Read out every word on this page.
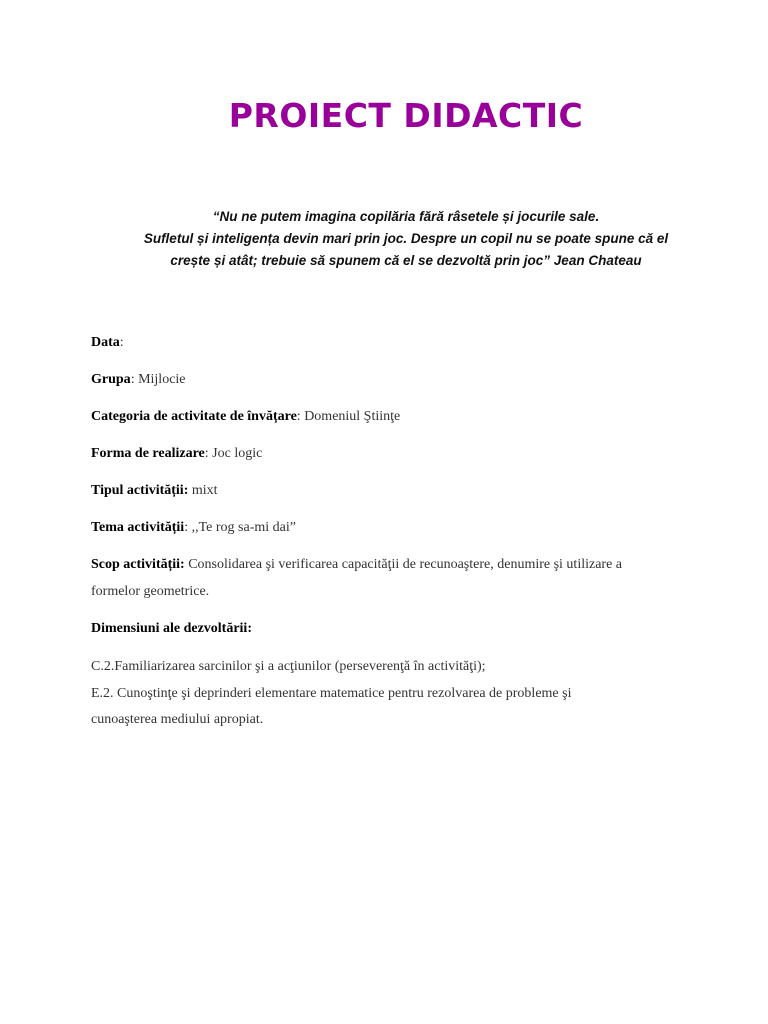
PROIECT DIDACTIC

“Nu ne putem imagina copilăria fără râsetele și jocurile sale.
Sufletul și inteligența devin mari prin joc. Despre un copil nu se poate spune că el
crește și atât; trebuie să spunem că el se dezvoltă prin joc” Jean Chateau

Data:

Grupa: Mijlocie

Categoria de activitate de învățare: Domeniul Ştiinţe

Forma de realizare: Joc logic

Tipul activității: mixt

Tema activității: ,,Te rog sa-mi dai”

Scop activității: Consolidarea şi verificarea capacităţii de recunoaştere, denumire şi utilizare a

formelor geometrice.

Dimensiuni ale dezvoltării:

C.2.Familiarizarea sarcinilor şi a acţiunilor (perseverenţă în activităţi);

E.2. Cunoştinţe şi deprinderi elementare matematice pentru rezolvarea de probleme şi

cunoaşterea mediului apropiat.
